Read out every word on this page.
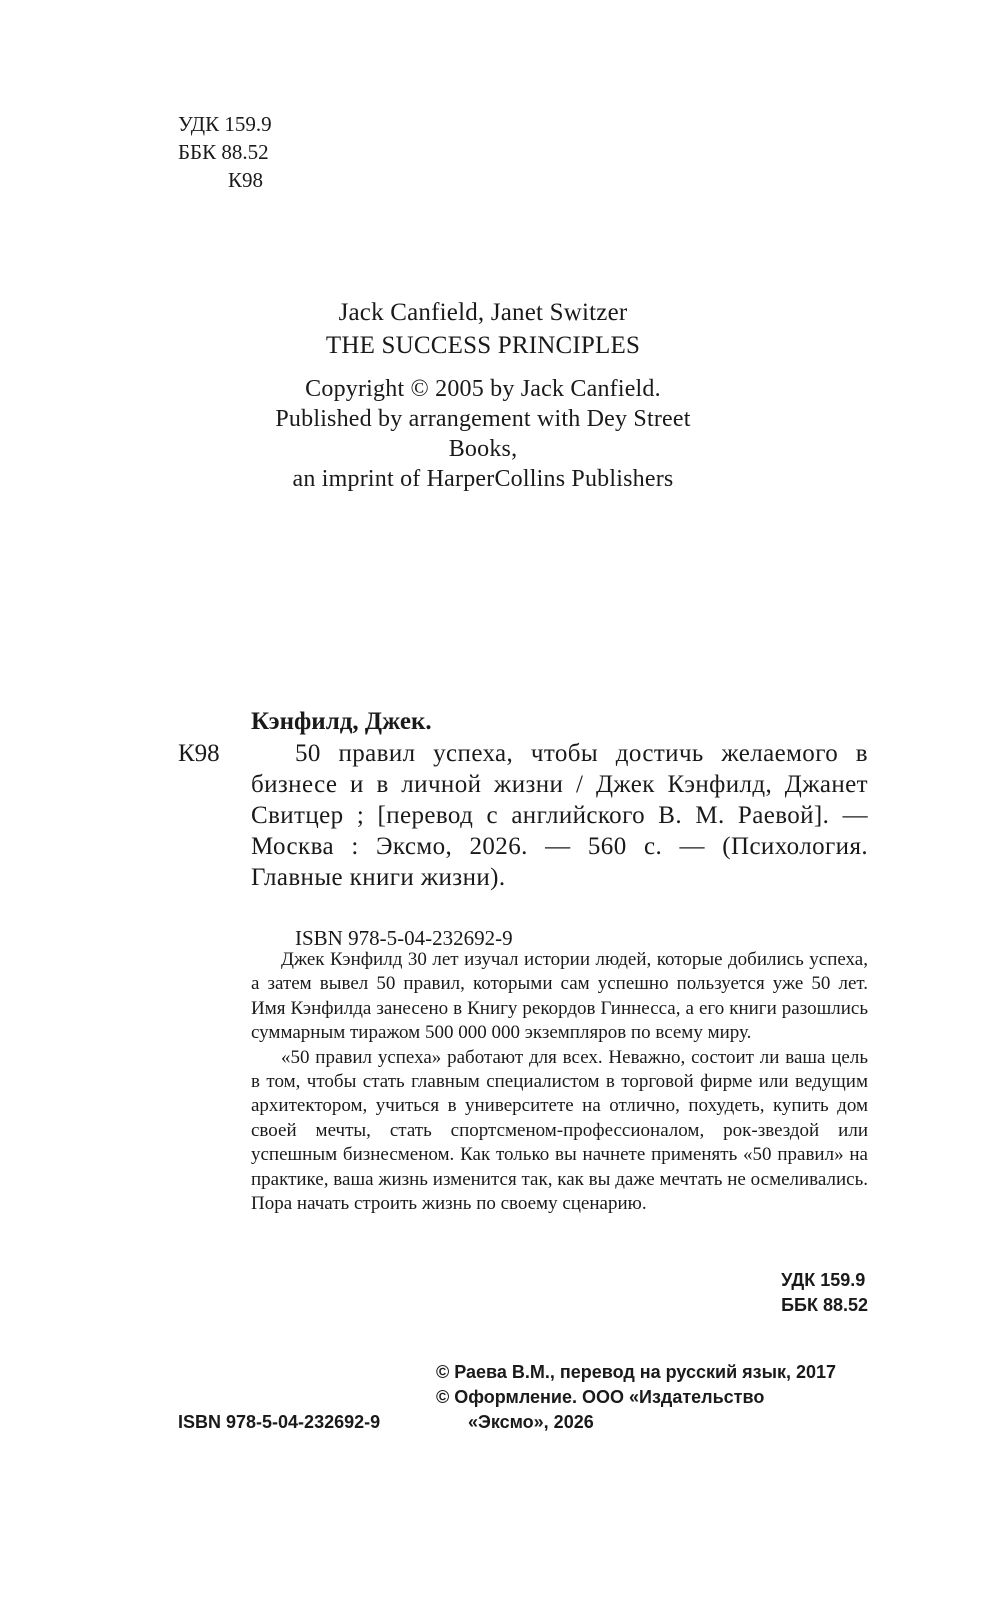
УДК 159.9
ББК 88.52
К98
Jack Canfield, Janet Switzer
THE SUCCESS PRINCIPLES
Copyright © 2005 by Jack Canfield.
Published by arrangement with Dey Street Books,
an imprint of HarperCollins Publishers
Кэнфилд, Джек.
К98	50 правил успеха, чтобы достичь желаемого в бизнесе и в личной жизни / Джек Кэнфилд, Джанет Свитцер ; [перевод с английского В. М. Раевой]. — Москва : Эксмо, 2026. — 560 с. — (Психология. Главные книги жизни).
ISBN 978-5-04-232692-9

Джек Кэнфилд 30 лет изучал истории людей, которые добились успеха, а затем вывел 50 правил, которыми сам успешно пользуется уже 50 лет. Имя Кэнфилда занесено в Книгу рекордов Гиннесса, а его книги разошлись суммарным тиражом 500 000 000 экземпляров по всему миру.

«50 правил успеха» работают для всех. Неважно, состоит ли ваша цель в том, чтобы стать главным специалистом в торговой фирме или ведущим архитектором, учиться в университете на отлично, похудеть, купить дом своей мечты, стать спортсменом-профессионалом, рок-звездой или успешным бизнесменом. Как только вы начнете применять «50 правил» на практике, ваша жизнь изменится так, как вы даже мечтать не осмеливались. Пора начать строить жизнь по своему сценарию.

УДК 159.9
ББК 88.52
© Раева В.М., перевод на русский язык, 2017
© Оформление. ООО «Издательство
«Эксмо», 2026
ISBN 978-5-04-232692-9
